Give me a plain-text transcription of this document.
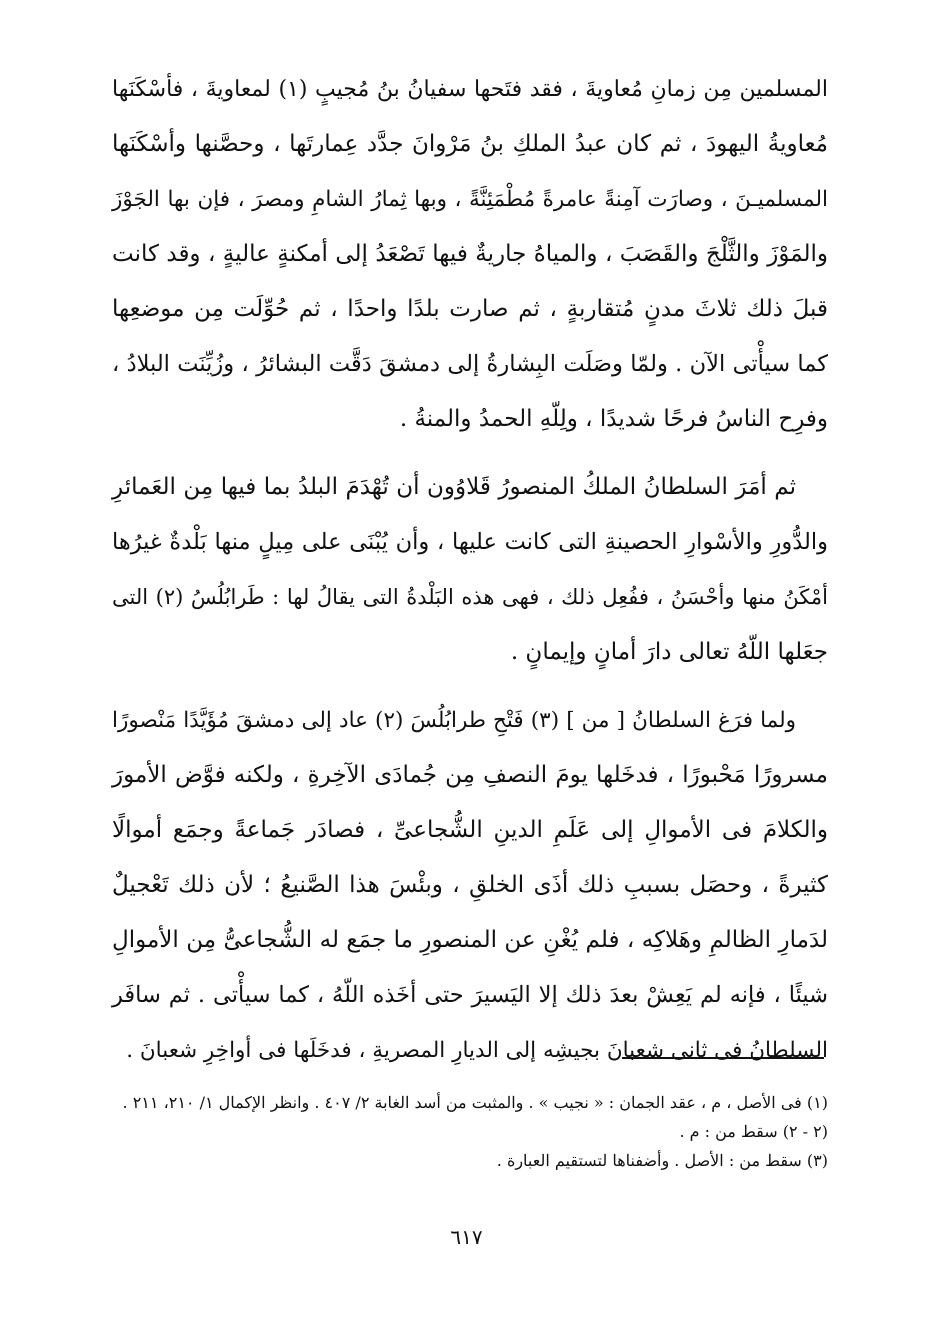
المسلمين مِن زمانِ مُعاويةَ ، فقد فتَحها سفيانُ بنُ مُجيبٍ (١) لمعاويةَ ، فأسْكَنَها
مُعاويةُ اليهودَ ، ثم كان عبدُ الملكِ بنُ مَرْوانَ جدَّد عِمارتَها ، وحصَّنها وأسْكَنَها
المسلميـنَ ، وصارَت آمِنةً عامرةً مُطْمَئِنَّةً ، وبها ثِمارُ الشامِ ومصرَ ، فإن بها الجَوْزَ
والمَوْزَ والثَّلْجَ والقَصَبَ ، والمياهُ جاريةٌ فيها تَصْعَدُ إلى أمكنةٍ عاليةٍ ، وقد كانت
قبلَ ذلك ثلاثَ مدنٍ مُتقاربةٍ ، ثم صارت بلدًا واحدًا ، ثم حُوِّلَت مِن موضعِها
كما سيأْتى الآن . ولمّا وصَلَت البِشارةُ إلى دمشقَ دَقَّت البشائرُ ، وزُيِّنَت البلادُ ،
وفرِح الناسُ فرحًا شديدًا ، ولِلّهِ الحمدُ والمنةُ .
ثم أمَرَ السلطانُ الملكُ المنصورُ قَلاوُون أن تُهْدَمَ البلدُ بما فيها مِن العَمائرِ
والدُّورِ والأسْوارِ الحصينةِ التى كانت عليها ، وأن يُبْنَى على مِيلٍ منها بَلْدةٌ غيرُها
أمْكَنُ منها وأحْسَنُ ، ففُعِل ذلك ، فهى هذه البَلْدةُ التى يقالُ لها : طَرابُلُسُ (٢) التى
جعَلها اللّهُ تعالى دارَ أمانٍ وإيمانٍ .
ولما فرَغ السلطانُ [ من ] (٣) فَتْحِ طرابُلُسَ (٢) عاد إلى دمشقَ مُؤَيَّدًا مَنْصورًا
مسرورًا مَحْبورًا ، فدخَلها يومَ النصفِ مِن جُمادَى الآخِرةِ ، ولكنه فوَّض الأمورَ
والكلامَ فى الأموالِ إلى عَلَمِ الدينِ الشُّجاعىِّ ، فصادَر جَماعةً وجمَع أموالًا
كثيرةً ، وحصَل بسببِ ذلك أذَى الخلقِ ، وبئْسَ هذا الصَّنيعُ ؛ لأن ذلك تَعْجيلٌ
لدَمارِ الظالمِ وهَلاكِه ، فلم يُغْنِ عن المنصورِ ما جمَع له الشُّجاعىُّ مِن الأموالِ
شيئًا ، فإنه لم يَعِشْ بعدَ ذلك إلا اليَسيرَ حتى أخَذه اللّهُ ، كما سيأْتى . ثم سافَر
السلطانُ فى ثانى شعبانَ بجيشِه إلى الديارِ المصريةِ ، فدخَلَها فى أواخِرِ شعبانَ .
(١) فى الأصل ، م ، عقد الجمان : « نجيب » . والمثبت من أسد الغابة ٢/ ٤٠٧ . وانظر الإكمال ١/ ٢١٠، ٢١١ .
(٢ - ٢) سقط من : م .
(٣) سقط من : الأصل . وأضفناها لتستقيم العبارة .
٦١٧
